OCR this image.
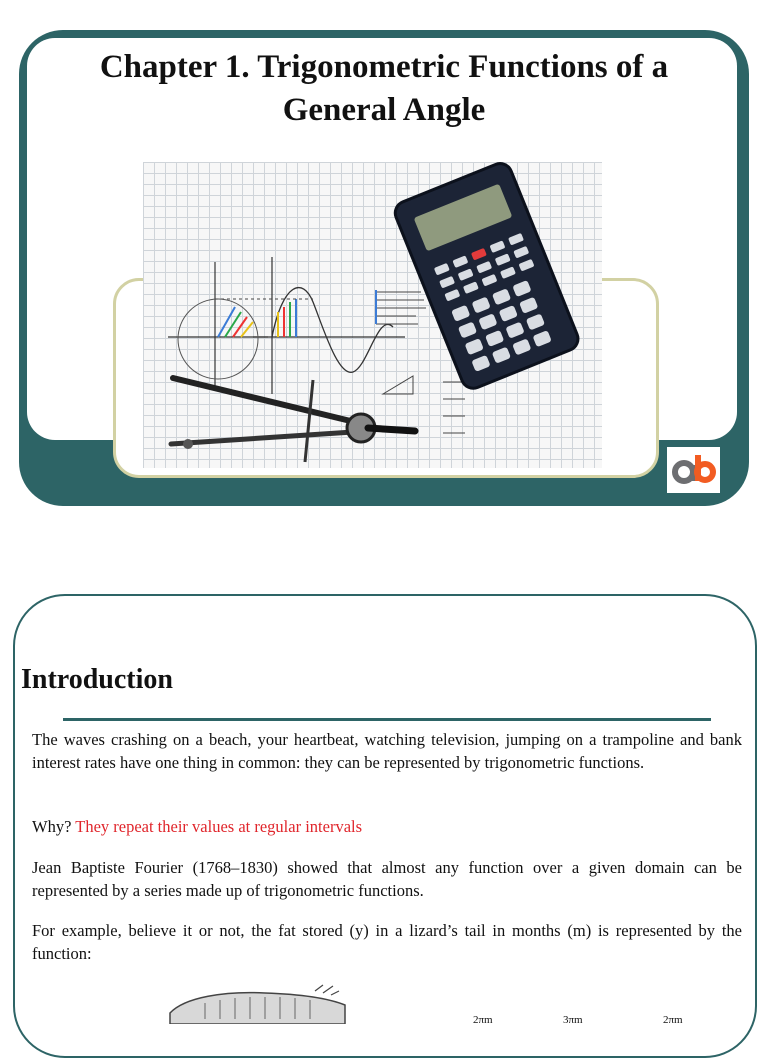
Chapter 1. Trigonometric Functions of a
General Angle
Introduction

The waves crashing on a beach, your heartbeat, watching television, jumping on a trampoline and bank interest rates have one thing in common: they can be represented by trigonometric functions.

Why? They repeat their values at regular intervals

Jean Baptiste Fourier (1768–1830) showed that almost any function over a given domain can be represented by a series made up of trigonometric functions.

For example, believe it or not, the fat stored (y) in a lizard’s tail in months (m) is represented by the function:

2πm	3πm	2πm
